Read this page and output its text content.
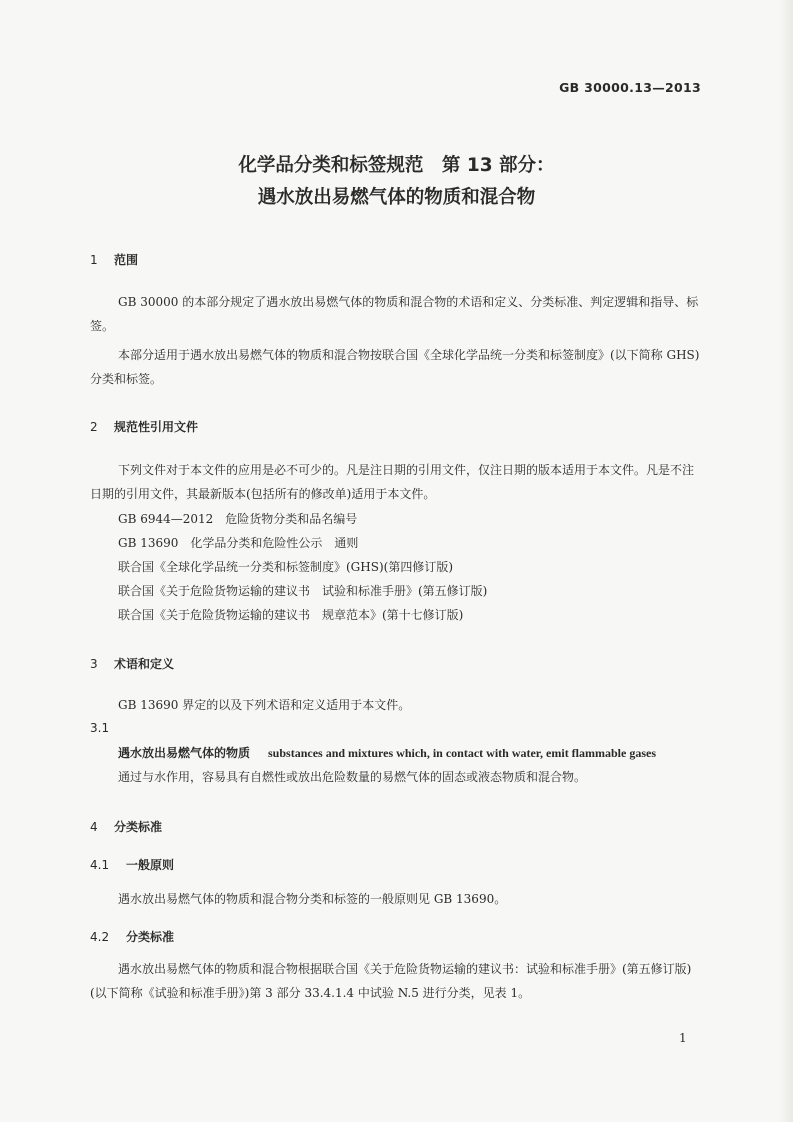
GB 30000.13—2013
化学品分类和标签规范　第 13 部分：
遇水放出易燃气体的物质和混合物
1 范围
GB 30000 的本部分规定了遇水放出易燃气体的物质和混合物的术语和定义、分类标准、判定逻辑和指导、标签。
本部分适用于遇水放出易燃气体的物质和混合物按联合国《全球化学品统一分类和标签制度》(以下简称 GHS)分类和标签。
2 规范性引用文件
下列文件对于本文件的应用是必不可少的。凡是注日期的引用文件，仅注日期的版本适用于本文件。凡是不注日期的引用文件，其最新版本(包括所有的修改单)适用于本文件。
GB 6944—2012　危险货物分类和品名编号
GB 13690　化学品分类和危险性公示　通则
联合国《全球化学品统一分类和标签制度》(GHS)(第四修订版)
联合国《关于危险货物运输的建议书　试验和标准手册》(第五修订版)
联合国《关于危险货物运输的建议书　规章范本》(第十七修订版)
3 术语和定义
GB 13690 界定的以及下列术语和定义适用于本文件。
3.1
遇水放出易燃气体的物质 substances and mixtures which, in contact with water, emit flammable gases
通过与水作用，容易具有自燃性或放出危险数量的易燃气体的固态或液态物质和混合物。
4 分类标准
4.1 一般原则
遇水放出易燃气体的物质和混合物分类和标签的一般原则见 GB 13690。
4.2 分类标准
遇水放出易燃气体的物质和混合物根据联合国《关于危险货物运输的建议书：试验和标准手册》(第五修订版)(以下简称《试验和标准手册》)第 3 部分 33.4.1.4 中试验 N.5 进行分类，见表 1。
1
